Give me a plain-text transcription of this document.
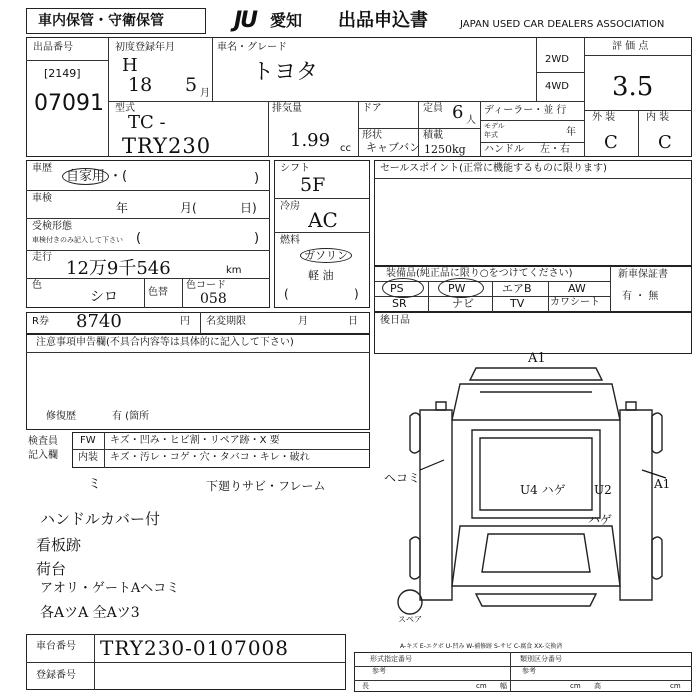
車内保管・守衛保管	JU 愛知 出品申込書	JAPAN USED CAR DEALERS ASSOCIATION
出品番号
[2149]
07091
初度登録年月
H
18 5 月
車名・グレード
トヨタ
2WD
4WD
評 価 点
3.5
外 装	内 装
C C
型式
TC -
TRY230
排気量
1.99 cc
ドア
形状
キャブバン
定員 6 人
積載
1250kg
ディーラー・並 行
モデル
年式	年
ハンドル 左・右
車歴
自家用 ・(	)
車検
年	月(	日)
受検形態
車検付きのみ記入して下さい (	)
走行
12万9千546	km
色
シロ	色替
色コード
058
シフト
5F
冷房
AC
燃料
ガソリン
軽 油
(	)
セールスポイント(正常に機能するものに限ります)
装備品(純正品に限り○をつけてください)
PS	PW	エアB	AW
SR	ナビ	TV	カワシート
新車保証書
有 ・ 無
R券 8740	円 名変期限	月	日
注意事項申告欄(不具合内容等は具体的に記入して下さい)
修復歴	有 (箇所
後日品
検査員
記入欄
FW キズ・凹み・ヒビ割・リペア跡・X 要
内装 キズ・汚レ・コゲ・穴・タバコ・キレ・破れ
ミ	下廻りサビ・フレーム
ハンドルカバー付
看板跡
荷台
アオリ・ゲートAヘコミ
各AツA 全Aツ3
A1
ヘコミ
U4 ハゲ U2
ハゲ
A1
スペア
A-キズ E-エクボ U-凹み W-補修跡 S-サビ C-腐食 XX-交換済
車台番号 TRY230-0107008
登録番号
形式指定番号
参考
類別区分番号
参考
長	cm 幅	cm 高	cm
